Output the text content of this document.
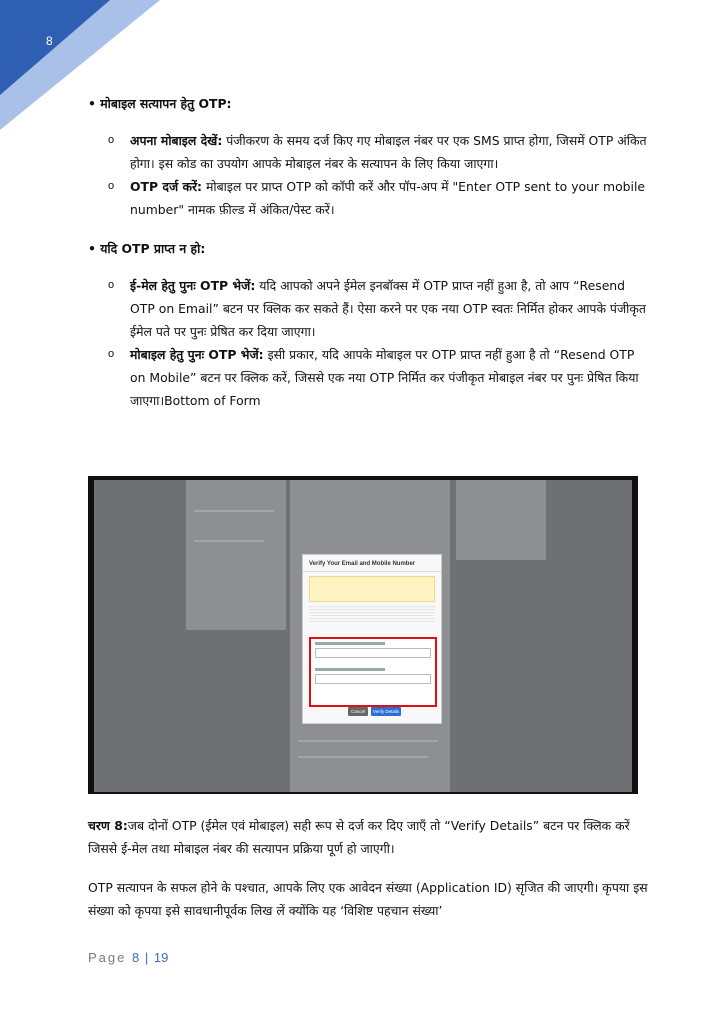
8

• मोबाइल सत्यापन हेतु OTP:

o अपना मोबाइल देखें: पंजीकरण के समय दर्ज किए गए मोबाइल नंबर पर एक SMS प्राप्त होगा, जिसमें OTP अंकित होगा। इस कोड का उपयोग आपके मोबाइल नंबर के सत्यापन के लिए किया जाएगा।
o OTP दर्ज करें: मोबाइल पर प्राप्त OTP को कॉपी करें और पॉप-अप में "Enter OTP sent to your mobile number" नामक फ़ील्ड में अंकित/पेस्ट करें।

• यदि OTP प्राप्त न हो:

o ई-मेल हेतु पुनः OTP भेजें: यदि आपको अपने ईमेल इनबॉक्स में OTP प्राप्त नहीं हुआ है, तो आप “Resend OTP on Email” बटन पर क्लिक कर सकते हैं। ऐसा करने पर एक नया OTP स्वतः निर्मित होकर आपके पंजीकृत ईमेल पते पर पुनः प्रेषित कर दिया जाएगा।
o मोबाइल हेतु पुनः OTP भेजें: इसी प्रकार, यदि आपके मोबाइल पर OTP प्राप्त नहीं हुआ है तो “Resend OTP on Mobile” बटन पर क्लिक करें, जिससे एक नया OTP निर्मित कर पंजीकृत मोबाइल नंबर पर पुनः प्रेषित किया जाएगा।Bottom of Form
Verify Your Email and Mobile Number
Cancel	Verify Details

चरण 8:जब दोनों OTP (ईमेल एवं मोबाइल) सही रूप से दर्ज कर दिए जाएँ तो “Verify Details” बटन पर क्लिक करें जिससे ई-मेल तथा मोबाइल नंबर की सत्यापन प्रक्रिया पूर्ण हो जाएगी।

OTP सत्यापन के सफल होने के पश्चात, आपके लिए एक आवेदन संख्या (Application ID) सृजित की जाएगी। कृपया इस संख्या को कृपया इसे सावधानीपूर्वक लिख लें क्योंकि यह ‘विशिष्ट पहचान संख्या’

Page 8 | 19
